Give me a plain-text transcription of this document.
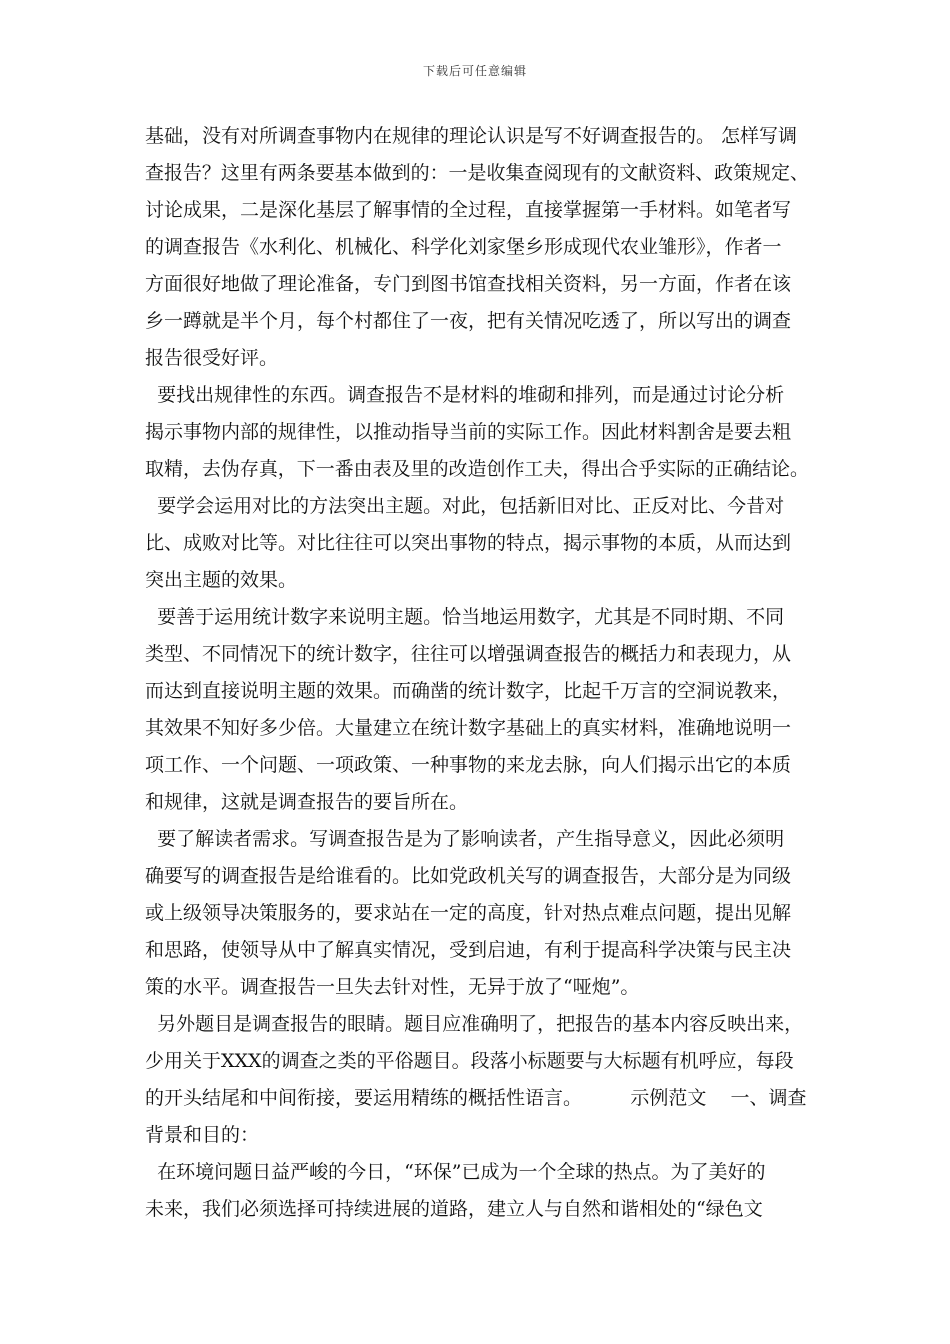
下载后可任意编辑
基础，没有对所调查事物内在规律的理论认识是写不好调查报告的。 怎样写调
查报告？这里有两条要基本做到的：一是收集查阅现有的文献资料、政策规定、
讨论成果，二是深化基层了解事情的全过程，直接掌握第一手材料。如笔者写
的调查报告《水利化、机械化、科学化刘家堡乡形成现代农业雏形》，作者一
方面很好地做了理论准备，专门到图书馆查找相关资料，另一方面，作者在该
乡一蹲就是半个月，每个村都住了一夜，把有关情况吃透了，所以写出的调查
报告很受好评。
要找出规律性的东西。调查报告不是材料的堆砌和排列，而是通过讨论分析
揭示事物内部的规律性，以推动指导当前的实际工作。因此材料割舍是要去粗
取精，去伪存真，下一番由表及里的改造创作工夫，得出合乎实际的正确结论。
要学会运用对比的方法突出主题。对此，包括新旧对比、正反对比、今昔对
比、成败对比等。对比往往可以突出事物的特点，揭示事物的本质，从而达到
突出主题的效果。
要善于运用统计数字来说明主题。恰当地运用数字，尤其是不同时期、不同
类型、不同情况下的统计数字，往往可以增强调查报告的概括力和表现力，从
而达到直接说明主题的效果。而确凿的统计数字，比起千万言的空洞说教来，
其效果不知好多少倍。大量建立在统计数字基础上的真实材料，准确地说明一
项工作、一个问题、一项政策、一种事物的来龙去脉，向人们揭示出它的本质
和规律，这就是调查报告的要旨所在。
要了解读者需求。写调查报告是为了影响读者，产生指导意义，因此必须明
确要写的调查报告是给谁看的。比如党政机关写的调查报告，大部分是为同级
或上级领导决策服务的，要求站在一定的高度，针对热点难点问题，提出见解
和思路，使领导从中了解真实情况，受到启迪，有利于提高科学决策与民主决
策的水平。调查报告一旦失去针对性，无异于放了“哑炮”。
另外题目是调查报告的眼睛。题目应准确明了，把报告的基本内容反映出来，
少用关于XXX的调查之类的平俗题目。段落小标题要与大标题有机呼应，每段
的开头结尾和中间衔接，要运用精练的概括性语言。        示例范文    一、调查
背景和目的：
在环境问题日益严峻的今日，“环保”已成为一个全球的热点。为了美好的
未来，我们必须选择可持续进展的道路，建立人与自然和谐相处的“绿色文
